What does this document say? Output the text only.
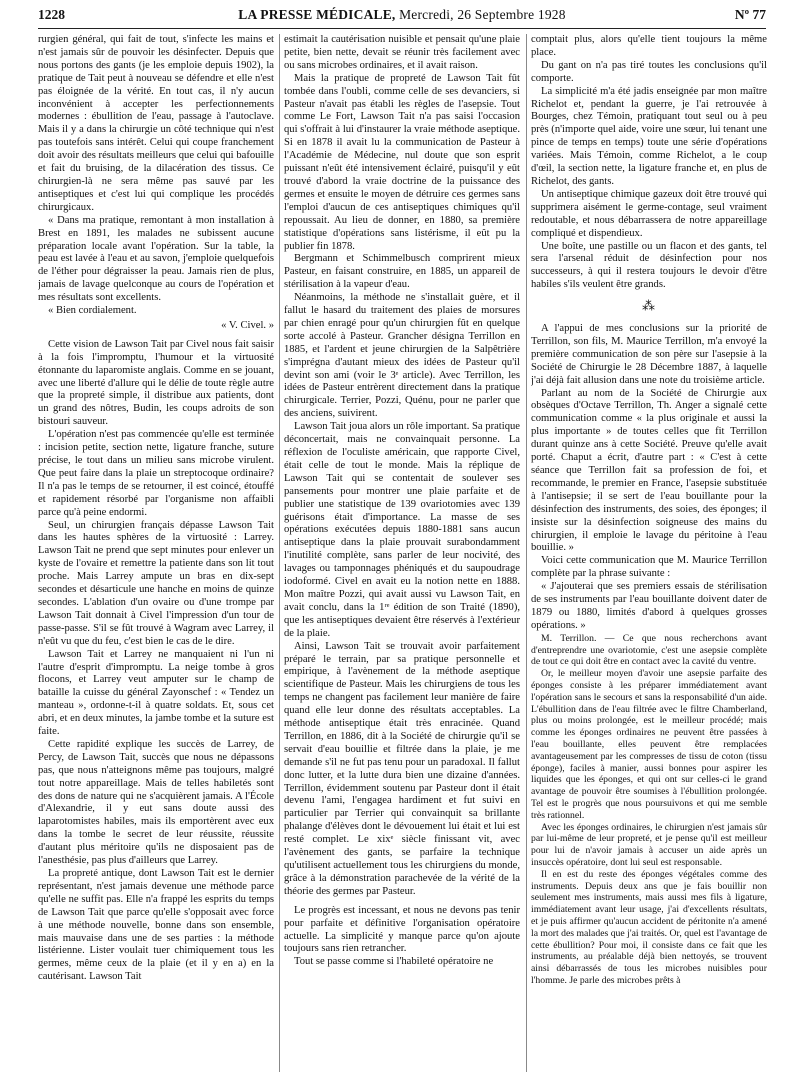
1228	LA PRESSE MÉDICALE, Mercredi, 26 Septembre 1928	Nº 77

rurgien général, qui fait de tout, s'infecte les mains et n'est jamais sûr de pouvoir les désinfecter. Depuis que nous portons des gants (je les emploie depuis 1902), la pratique de Tait peut à nouveau se défendre et elle n'est pas éloignée de la vérité. En tout cas, il n'y aucun inconvénient à accepter les perfectionnements modernes : ébullition de l'eau, passage à l'autoclave. Mais il y a dans la chirurgie un côté technique qui n'est pas toutefois sans intérêt. Celui qui coupe franchement doit avoir des résultats meilleurs que celui qui bafouille et fait du bruising, de la dilacération des tissus. Ce chirurgien-là ne sera même pas sauvé par les antiseptiques et c'est lui qui complique les procédés chirurgicaux.

« Dans ma pratique, remontant à mon installation à Brest en 1891, les malades ne subissent aucune préparation locale avant l'opération. Sur la table, la peau est lavée à l'eau et au savon, j'emploie quelquefois de l'éther pour dégraisser la peau. Jamais rien de plus, jamais de lavage quelconque au cours de l'opération et mes résultats sont excellents.

« Bien cordialement.

« V. Civel. »

Cette vision de Lawson Tait par Civel nous fait saisir à la fois l'impromptu, l'humour et la virtuosité étonnante du laparomiste anglais. Comme en se jouant, avec une liberté d'allure qui le délie de toute règle autre que la propreté simple, il distribue aux patients, dont un grand des nôtres, Budin, les coups adroits de son bistouri sauveur.

L'opération n'est pas commencée qu'elle est terminée : incision petite, section nette, ligature franche, suture précise, le tout dans un milieu sans microbe virulent. Que peut faire dans la plaie un streptocoque ordinaire? Il n'a pas le temps de se retourner, il est coincé, étouffé et rapidement résorbé par l'organisme non affaibli parce qu'à peine endormi.

Seul, un chirurgien français dépasse Lawson Tait dans les hautes sphères de la virtuosité : Larrey. Lawson Tait ne prend que sept minutes pour enlever un kyste de l'ovaire et remettre la patiente dans son lit tout proche. Mais Larrey ampute un bras en dix-sept secondes et désarticule une hanche en moins de quinze secondes. L'ablation d'un ovaire ou d'une trompe par Lawson Tait donnait à Civel l'impression d'un tour de passe-passe. S'il se fût trouvé à Wagram avec Larrey, il n'eût vu que du feu, c'est bien le cas de le dire.

Lawson Tait et Larrey ne manquaient ni l'un ni l'autre d'esprit d'impromptu. La neige tombe à gros flocons, et Larrey veut amputer sur le champ de bataille la cuisse du général Zayonschef : « Tendez un manteau », ordonne-t-il à quatre soldats. Et, sous cet abri, et en deux minutes, la jambe tombe et la suture est faite.

Cette rapidité explique les succès de Larrey, de Percy, de Lawson Tait, succès que nous ne dépassons pas, que nous n'atteignons même pas toujours, malgré tout notre appareillage. Mais de telles habiletés sont des dons de nature qui ne s'acquièrent jamais. A l'École d'Alexandrie, il y eut sans doute aussi des laparotomistes habiles, mais ils emportèrent avec eux dans la tombe le secret de leur réussite, réussite d'autant plus méritoire qu'ils ne disposaient pas de l'anesthésie, pas plus d'ailleurs que Larrey.

La propreté antique, dont Lawson Tait est le dernier représentant, n'est jamais devenue une méthode parce qu'elle ne suffit pas. Elle n'a frappé les esprits du temps de Lawson Tait que parce qu'elle s'opposait avec force à une méthode nouvelle, bonne dans son ensemble, mais mauvaise dans une de ses parties : la méthode listérienne. Lister voulait tuer chimiquement tous les germes, même ceux de la plaie (et il y en a) en la cautérisant. Lawson Tait

estimait la cautérisation nuisible et pensait qu'une plaie petite, bien nette, devait se réunir très facilement avec ou sans microbes ordinaires, et il avait raison.

Mais la pratique de propreté de Lawson Tait fût tombée dans l'oubli, comme celle de ses devanciers, si Pasteur n'avait pas établi les règles de l'asepsie. Tout comme Le Fort, Lawson Tait n'a pas saisi l'occasion qui s'offrait à lui d'instaurer la vraie méthode aseptique. Si en 1878 il avait lu la communication de Pasteur à l'Académie de Médecine, nul doute que son esprit puissant n'eût été intensivement éclairé, puisqu'il y eût trouvé d'abord la vraie doctrine de la puissance des germes et ensuite le moyen de détruire ces germes sans l'emploi d'aucun de ces antiseptiques chimiques qu'il repoussait. Au lieu de donner, en 1880, sa première statistique d'opérations sans listérisme, il eût pu la publier fin 1878.

Bergmann et Schimmelbusch comprirent mieux Pasteur, en faisant construire, en 1885, un appareil de stérilisation à la vapeur d'eau.

Néanmoins, la méthode ne s'installait guère, et il fallut le hasard du traitement des plaies de morsures par chien enragé pour qu'un chirurgien fût en quelque sorte accolé à Pasteur. Grancher désigna Terrillon en 1885, et l'ardent et jeune chirurgien de la Salpêtrière s'imprégna d'autant mieux des idées de Pasteur qu'il devint son ami (voir le 3ᵉ article). Avec Terrillon, les idées de Pasteur entrèrent directement dans la pratique chirurgicale. Terrier, Pozzi, Quénu, pour ne parler que des anciens, suivirent.

Lawson Tait joua alors un rôle important. Sa pratique déconcertait, mais ne convainquait personne. La réflexion de l'oculiste américain, que rapporte Civel, était celle de tout le monde. Mais la réplique de Lawson Tait qui se contentait de soulever ses pansements pour montrer une plaie parfaite et de publier une statistique de 139 ovariotomies avec 139 guérisons était d'importance. La masse de ses opérations exécutées depuis 1880-1881 sans aucun antiseptique dans la plaie prouvait surabondamment l'inutilité complète, sans parler de leur nocivité, des lavages ou tamponnages phéniqués et du saupoudrage iodoformé. Civel en avait eu la notion nette en 1888. Mon maître Pozzi, qui avait aussi vu Lawson Tait, en avait conclu, dans la 1ʳᵉ édition de son Traité (1890), que les antiseptiques devaient être réservés à l'extérieur de la plaie.

Ainsi, Lawson Tait se trouvait avoir parfaitement préparé le terrain, par sa pratique personnelle et empirique, à l'avènement de la méthode aseptique scientifique de Pasteur. Mais les chirurgiens de tous les temps ne changent pas facilement leur manière de faire quand elle leur donne des résultats acceptables. La méthode antiseptique était très enracinée. Quand Terrillon, en 1886, dit à la Société de chirurgie qu'il se servait d'eau bouillie et filtrée dans la plaie, je me demande s'il ne fut pas tenu pour un paradoxal. Il fallut donc lutter, et la lutte dura bien une dizaine d'années. Terrillon, évidemment soutenu par Pasteur dont il était devenu l'ami, l'engagea hardiment et fut suivi en particulier par Terrier qui convainquit sa brillante phalange d'élèves dont le dévouement lui était et lui est resté complet. Le xixᵉ siècle finissant vit, avec l'avènement des gants, se parfaire la technique qu'utilisent actuellement tous les chirurgiens du monde, grâce à la démonstration parachevée de la vérité de la théorie des germes par Pasteur.

Le progrès est incessant, et nous ne devons pas tenir pour parfaite et définitive l'organisation opératoire actuelle. La simplicité y manque parce qu'on ajoute toujours sans rien retrancher.

Tout se passe comme si l'habileté opératoire ne

comptait plus, alors qu'elle tient toujours la même place.

Du gant on n'a pas tiré toutes les conclusions qu'il comporte.

La simplicité m'a été jadis enseignée par mon maître Richelot et, pendant la guerre, je l'ai retrouvée à Bourges, chez Témoin, pratiquant tout seul ou à peu près (n'importe quel aide, voire une sœur, lui tenant une pince de temps en temps) toute une série d'opérations variées. Mais Témoin, comme Richelot, a le coup d'œil, la section nette, la ligature franche et, en plus de Richelot, des gants.

Un antiseptique chimique gazeux doit être trouvé qui supprimera aisément le germe-contage, seul vraiment redoutable, et nous débarrassera de notre appareillage compliqué et dispendieux.

Une boîte, une pastille ou un flacon et des gants, tel sera l'arsenal réduit de désinfection pour nos successeurs, à qui il restera toujours le devoir d'être habiles s'ils veulent être grands.

⁂

A l'appui de mes conclusions sur la priorité de Terrillon, son fils, M. Maurice Terrillon, m'a envoyé la première communication de son père sur l'asepsie à la Société de Chirurgie le 28 Décembre 1887, à laquelle j'ai déjà fait allusion dans une note du troisième article.

Parlant au nom de la Société de Chirurgie aux obsèques d'Octave Terrillon, Th. Anger a signalé cette communication comme « la plus originale et aussi la plus importante » de toutes celles que fit Terrillon durant quinze ans à cette Société. Preuve qu'elle avait porté. Chaput a écrit, d'autre part : « C'est à cette séance que Terrillon fait sa profession de foi, et recommande, le premier en France, l'asepsie substituée à l'antisepsie; il se sert de l'eau bouillante pour la désinfection des instruments, des soies, des éponges; il insiste sur la désinfection soigneuse des mains du chirurgien, il emploie le lavage du péritoine à l'eau bouillie. »

Voici cette communication que M. Maurice Terrillon complète par la phrase suivante :

« J'ajouterai que ses premiers essais de stérilisation de ses instruments par l'eau bouillante doivent dater de 1879 ou 1880, limités d'abord à quelques grosses opérations. »

M. Terrillon. — Ce que nous recherchons avant d'entreprendre une ovariotomie, c'est une asepsie complète de tout ce qui doit être en contact avec la cavité du ventre.

Or, le meilleur moyen d'avoir une asepsie parfaite des éponges consiste à les préparer immédiatement avant l'opération sans le secours et sans la responsabilité d'un aide. L'ébullition dans de l'eau filtrée avec le filtre Chamberland, plus ou moins prolongée, est le meilleur procédé; mais comme les éponges ordinaires ne peuvent être passées à l'eau bouillante, elles peuvent être remplacées avantageusement par les compresses de tissu de coton (tissu éponge), faciles à manier, aussi bonnes pour aspirer les liquides que les éponges, et qui ont sur celles-ci le grand avantage de pouvoir être soumises à l'ébullition prolongée. Tel est le progrès que nous poursuivons et qui me semble très rationnel.

Avec les éponges ordinaires, le chirurgien n'est jamais sûr par lui-même de leur propreté, et je pense qu'il est meilleur pour lui de n'avoir jamais à accuser un aide après un insuccès opératoire, dont lui seul est responsable.

Il en est du reste des éponges végétales comme des instruments. Depuis deux ans que je fais bouillir non seulement mes instruments, mais aussi mes fils à ligature, immédiatement avant leur usage, j'ai d'excellents résultats, et je puis affirmer qu'aucun accident de péritonite n'a amené la mort des malades que j'ai traités. Or, quel est l'avantage de cette ébullition? Pour moi, il consiste dans ce fait que les instruments, au préalable déjà bien nettoyés, se trouvent ainsi débarrassés de tous les microbes nuisibles pour l'homme. Je parle des microbes prêts à
